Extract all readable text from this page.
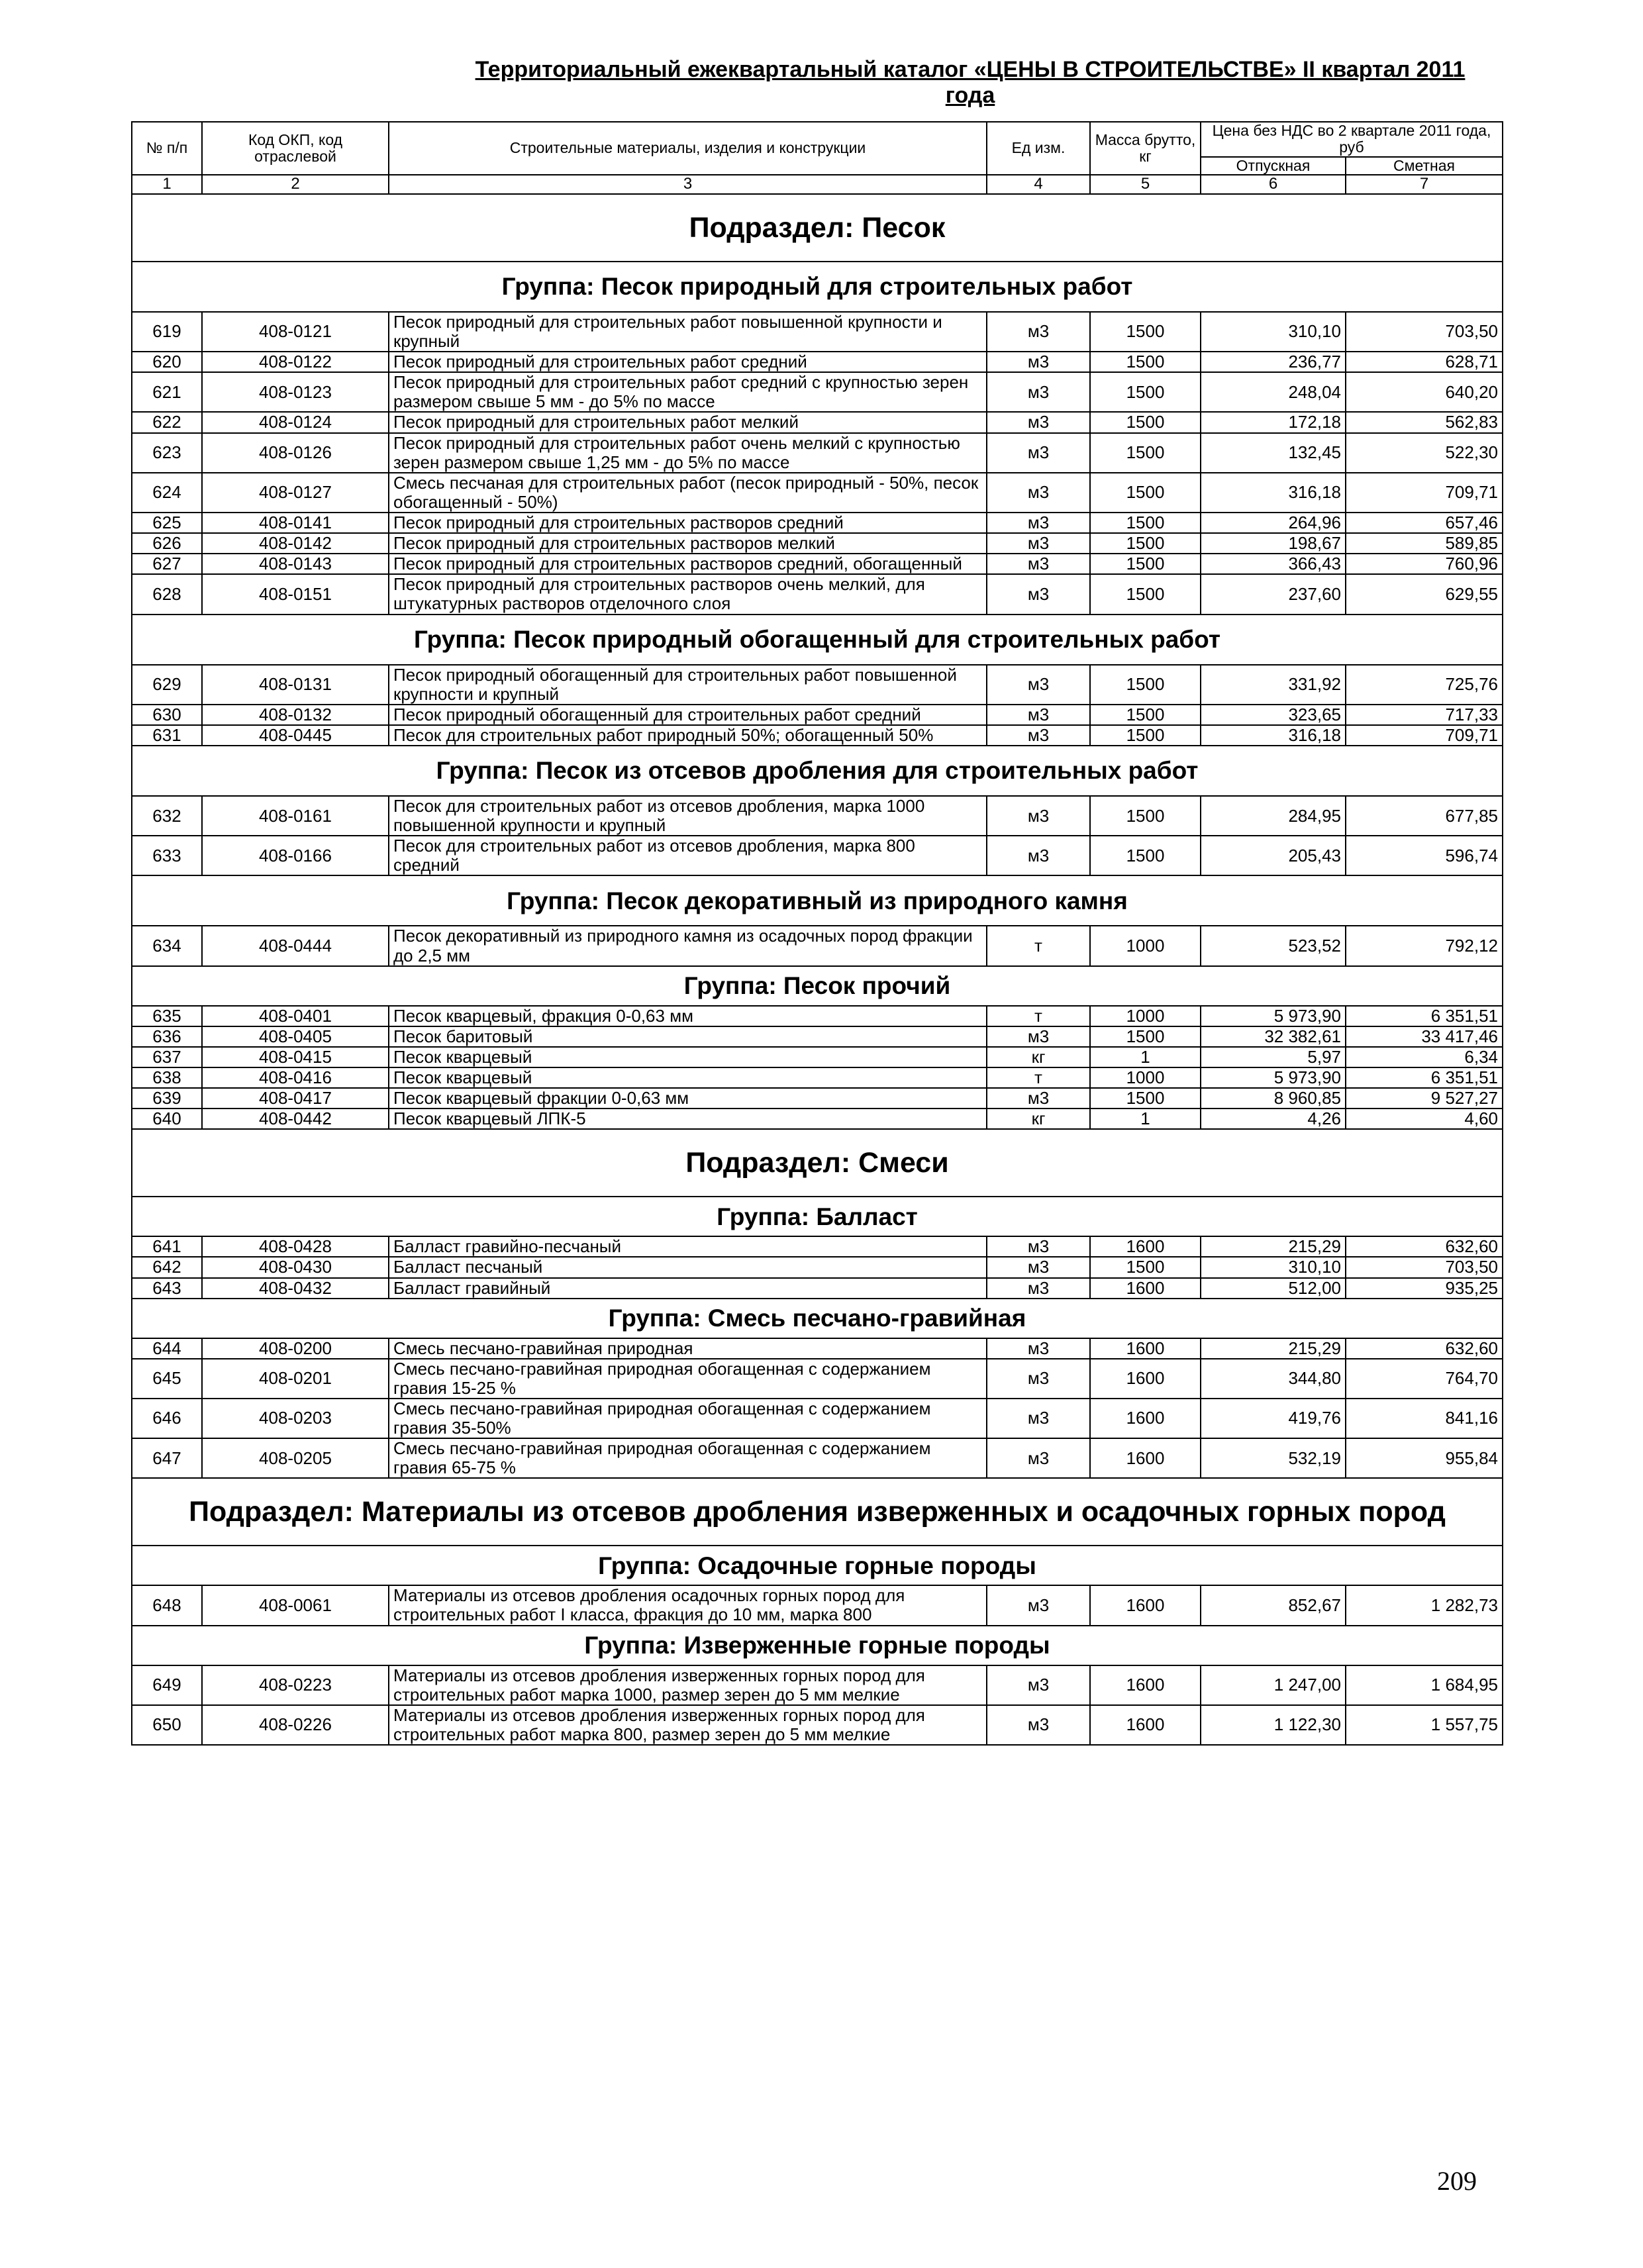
Территориальный ежеквартальный каталог «ЦЕНЫ В СТРОИТЕЛЬСТВЕ» II квартал 2011 года
№ п/п	Код ОКП, код отраслевой	Строительные материалы, изделия и конструкции	Ед изм.	Масса брутто, кг	Цена без НДС во 2 квартале 2011 года, руб	
					Отпускная	Сметная
1	2	3	4	5	6	7
Подраздел: Песок						
Группа: Песок природный для строительных работ						
619	408-0121	Песок природный для строительных работ повышенной крупности и крупный	м3	1500	310,10	703,50
620	408-0122	Песок природный для строительных работ средний	м3	1500	236,77	628,71
621	408-0123	Песок природный для строительных работ средний с крупностью зерен размером свыше 5 мм - до 5% по массе	м3	1500	248,04	640,20
622	408-0124	Песок природный для строительных работ мелкий	м3	1500	172,18	562,83
623	408-0126	Песок природный для строительных работ очень мелкий с крупностью зерен размером свыше 1,25 мм - до 5% по массе	м3	1500	132,45	522,30
624	408-0127	Смесь песчаная для строительных работ (песок природный - 50%, песок обогащенный - 50%)	м3	1500	316,18	709,71
625	408-0141	Песок природный для строительных растворов средний	м3	1500	264,96	657,46
626	408-0142	Песок природный для строительных растворов мелкий	м3	1500	198,67	589,85
627	408-0143	Песок природный для строительных растворов средний, обогащенный	м3	1500	366,43	760,96
628	408-0151	Песок природный для строительных растворов очень мелкий, для штукатурных растворов отделочного слоя	м3	1500	237,60	629,55
Группа: Песок природный обогащенный для строительных работ						
629	408-0131	Песок природный обогащенный для строительных работ повышенной крупности и крупный	м3	1500	331,92	725,76
630	408-0132	Песок природный обогащенный для строительных работ средний	м3	1500	323,65	717,33
631	408-0445	Песок для строительных работ природный 50%; обогащенный 50%	м3	1500	316,18	709,71
Группа: Песок из отсевов дробления для строительных работ						
632	408-0161	Песок для строительных работ из отсевов дробления, марка 1000 повышенной крупности и крупный	м3	1500	284,95	677,85
633	408-0166	Песок для строительных работ из отсевов дробления, марка 800 средний	м3	1500	205,43	596,74
Группа: Песок декоративный из природного камня						
634	408-0444	Песок декоративный из природного камня из осадочных пород фракции до 2,5 мм	т	1000	523,52	792,12
Группа: Песок прочий						
635	408-0401	Песок кварцевый, фракция 0-0,63 мм	т	1000	5 973,90	6 351,51
636	408-0405	Песок баритовый	м3	1500	32 382,61	33 417,46
637	408-0415	Песок кварцевый	кг	1	5,97	6,34
638	408-0416	Песок кварцевый	т	1000	5 973,90	6 351,51
639	408-0417	Песок кварцевый фракции 0-0,63 мм	м3	1500	8 960,85	9 527,27
640	408-0442	Песок кварцевый ЛПК-5	кг	1	4,26	4,60
Подраздел: Смеси						
Группа: Балласт						
641	408-0428	Балласт гравийно-песчаный	м3	1600	215,29	632,60
642	408-0430	Балласт песчаный	м3	1500	310,10	703,50
643	408-0432	Балласт гравийный	м3	1600	512,00	935,25
Группа: Смесь песчано-гравийная						
644	408-0200	Смесь песчано-гравийная природная	м3	1600	215,29	632,60
645	408-0201	Смесь песчано-гравийная природная обогащенная с содержанием гравия 15-25 %	м3	1600	344,80	764,70
646	408-0203	Смесь песчано-гравийная природная обогащенная с содержанием гравия 35-50%	м3	1600	419,76	841,16
647	408-0205	Смесь песчано-гравийная природная обогащенная с содержанием гравия 65-75 %	м3	1600	532,19	955,84
Подраздел: Материалы из отсевов дробления изверженных и осадочных горных пород						
Группа: Осадочные горные породы						
648	408-0061	Материалы из отсевов дробления осадочных горных пород для строительных работ I класса, фракция до 10 мм, марка 800	м3	1600	852,67	1 282,73
Группа: Изверженные горные породы						
649	408-0223	Материалы из отсевов дробления изверженных горных пород для строительных работ марка 1000, размер зерен до 5 мм мелкие	м3	1600	1 247,00	1 684,95
650	408-0226	Материалы из отсевов дробления изверженных горных пород для строительных работ марка 800, размер зерен до 5 мм мелкие	м3	1600	1 122,30	1 557,75
209
